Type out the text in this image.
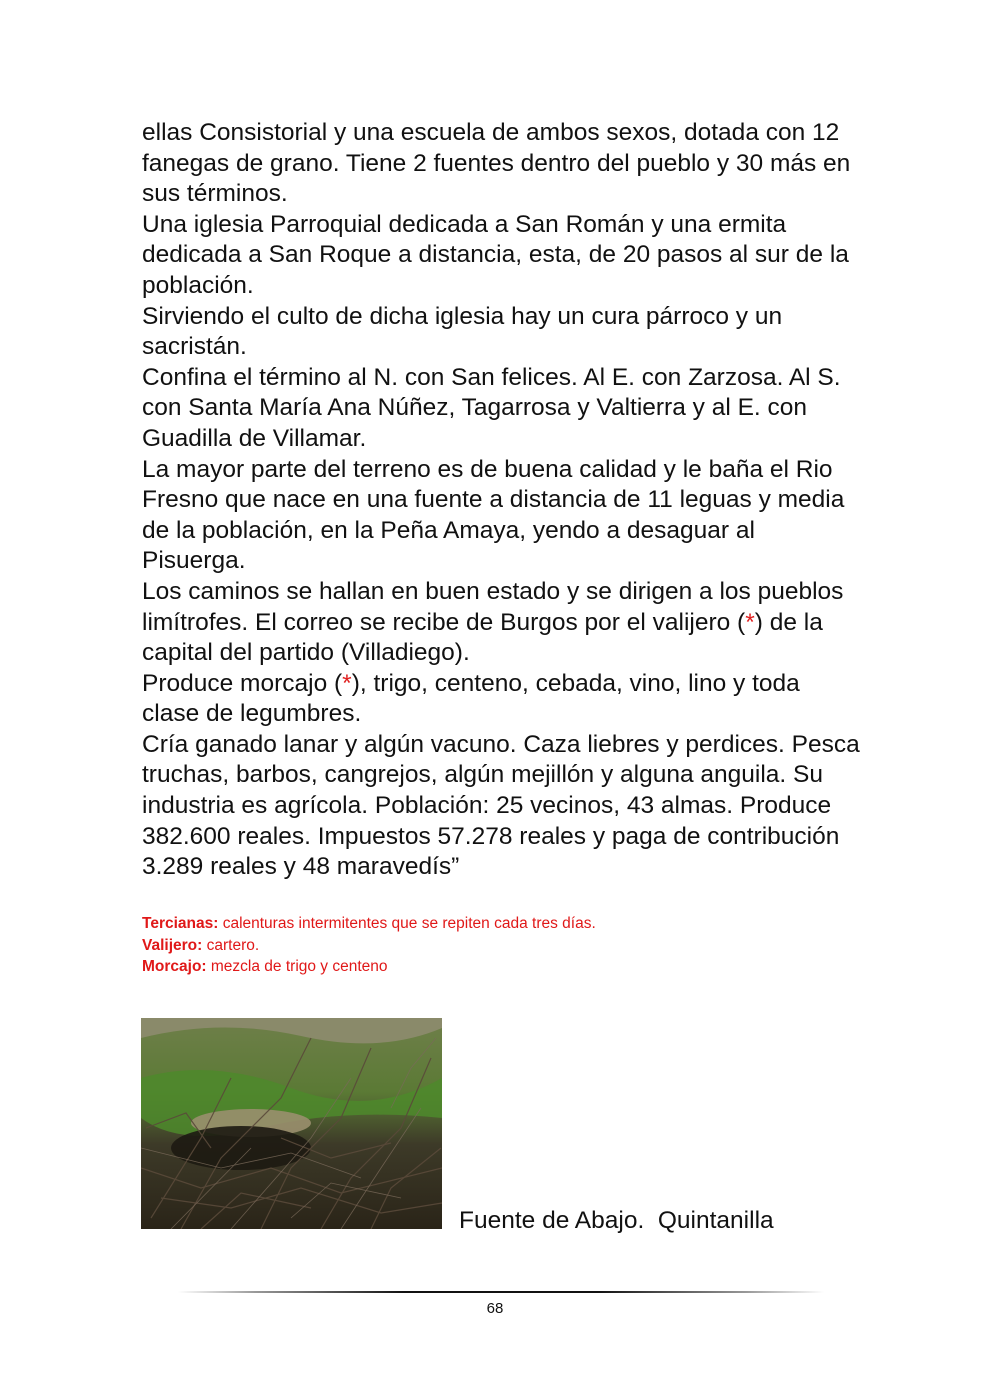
ellas Consistorial y una escuela de ambos sexos, dotada con 12 fanegas de grano. Tiene 2 fuentes dentro del pueblo y 30 más en sus términos.

Una iglesia Parroquial dedicada a San Román y una ermita dedicada a San Roque a distancia, esta, de 20 pasos al sur de la población.

Sirviendo el culto de dicha iglesia hay un cura párroco y un sacristán.

Confina el término al N. con San felices. Al E. con Zarzosa. Al S. con Santa María Ana Núñez, Tagarrosa y Valtierra y al E. con Guadilla de Villamar.

La mayor parte del terreno es de buena calidad y le baña el Rio Fresno que nace en una fuente a distancia de 11 leguas y media de la población, en la Peña Amaya, yendo a desaguar al Pisuerga.

Los caminos se hallan en buen estado y se dirigen a los pueblos limítrofes. El correo se recibe de Burgos por el valijero (*) de la capital del partido (Villadiego).

Produce morcajo (*), trigo, centeno, cebada, vino, lino y toda clase de legumbres.

Cría ganado lanar y algún vacuno. Caza liebres y perdices. Pesca truchas, barbos, cangrejos, algún mejillón y alguna anguila. Su industria es agrícola. Población: 25 vecinos, 43 almas. Produce 382.600 reales. Impuestos 57.278 reales y paga de contribución 3.289 reales y 48 maravedís”

Tercianas: calenturas intermitentes que se repiten cada tres días.
Valijero: cartero.
Morcajo: mezcla de trigo y centeno
Fuente de Abajo.  Quintanilla
68
